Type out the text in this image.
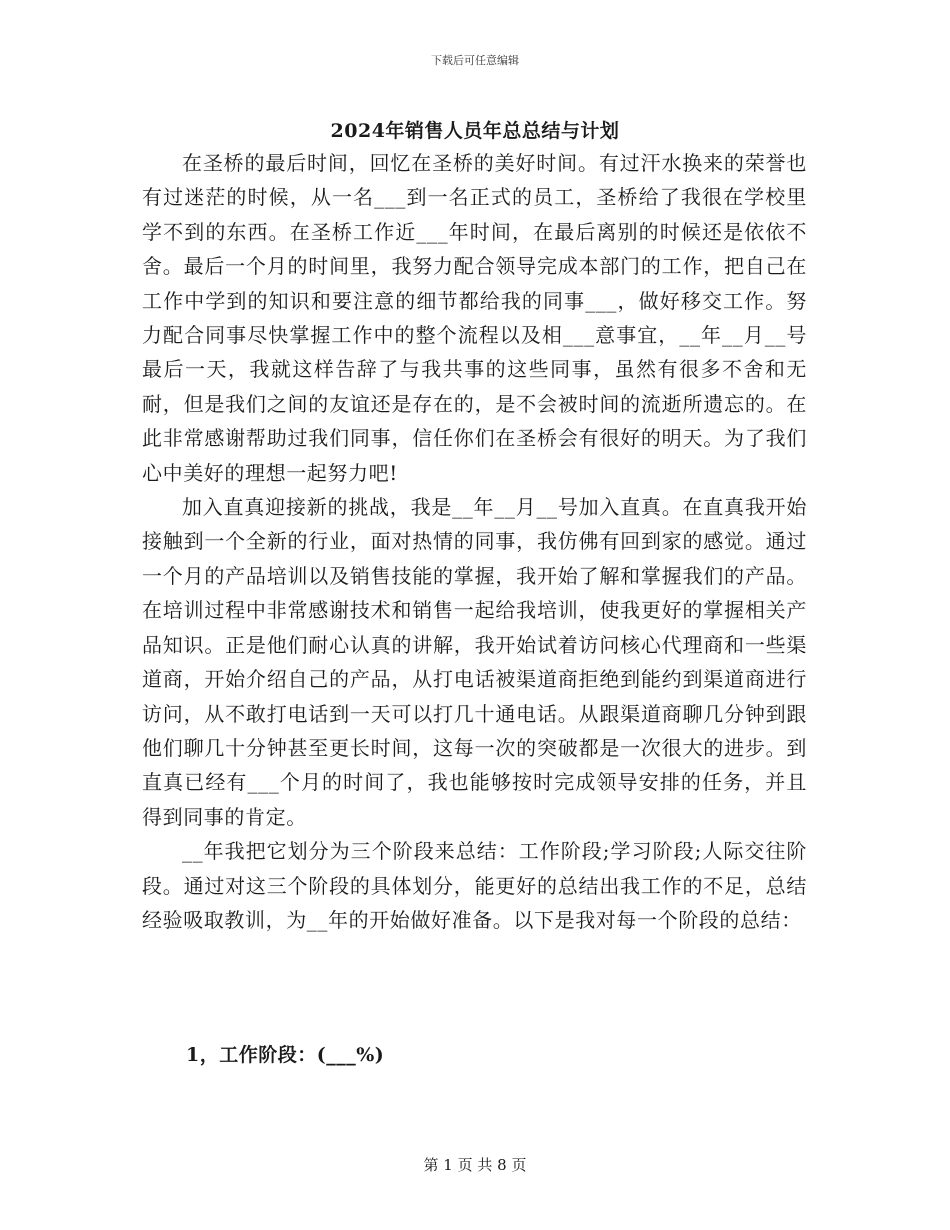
下载后可任意编辑
2024年销售人员年总总结与计划

在圣桥的最后时间，回忆在圣桥的美好时间。有过汗水换来的荣誉也有过迷茫的时候，从一名___到一名正式的员工，圣桥给了我很在学校里学不到的东西。在圣桥工作近___年时间，在最后离别的时候还是依依不舍。最后一个月的时间里，我努力配合领导完成本部门的工作，把自己在工作中学到的知识和要注意的细节都给我的同事___，做好移交工作。努力配合同事尽快掌握工作中的整个流程以及相___意事宜，__年__月__号最后一天，我就这样告辞了与我共事的这些同事，虽然有很多不舍和无耐，但是我们之间的友谊还是存在的，是不会被时间的流逝所遗忘的。在此非常感谢帮助过我们同事，信任你们在圣桥会有很好的明天。为了我们心中美好的理想一起努力吧!

加入直真迎接新的挑战，我是__年__月__号加入直真。在直真我开始接触到一个全新的行业，面对热情的同事，我仿佛有回到家的感觉。通过一个月的产品培训以及销售技能的掌握，我开始了解和掌握我们的产品。在培训过程中非常感谢技术和销售一起给我培训，使我更好的掌握相关产品知识。正是他们耐心认真的讲解，我开始试着访问核心代理商和一些渠道商，开始介绍自己的产品，从打电话被渠道商拒绝到能约到渠道商进行访问，从不敢打电话到一天可以打几十通电话。从跟渠道商聊几分钟到跟他们聊几十分钟甚至更长时间，这每一次的突破都是一次很大的进步。到直真已经有___个月的时间了，我也能够按时完成领导安排的任务，并且得到同事的肯定。

__年我把它划分为三个阶段来总结：工作阶段;学习阶段;人际交往阶段。通过对这三个阶段的具体划分，能更好的总结出我工作的不足，总结经验吸取教训，为__年的开始做好准备。以下是我对每一个阶段的总结：

1，工作阶段：(___%)
第 1 页 共 8 页
